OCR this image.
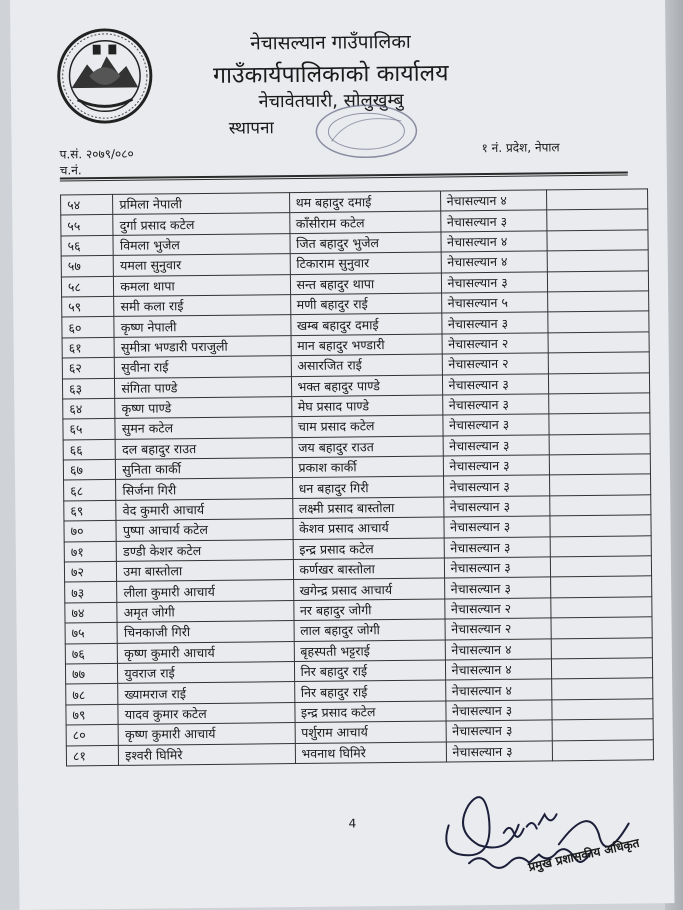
नेचासल्यान गाउँपालिका
गाउँकार्यपालिकाको कार्यालय
नेचावेतघारी, सोलुखुम्बु
स्थापना
प.सं. २०७९/०८०
च.नं.
१ नं. प्रदेश, नेपाल
५४	प्रमिला नेपाली	थम बहादुर दमाई	नेचासल्यान ४	
५५	दुर्गा प्रसाद कटेल	काँसीराम कटेल	नेचासल्यान ३	
५६	विमला भुजेल	जित बहादुर भुजेल	नेचासल्यान ४	
५७	यमला सुनुवार	टिकाराम सुनुवार	नेचासल्यान ४	
५८	कमला थापा	सन्त बहादुर थापा	नेचासल्यान ३	
५९	समी कला राई	मणी बहादुर राई	नेचासल्यान ५	
६०	कृष्ण नेपाली	खम्ब बहादुर दमाई	नेचासल्यान ३	
६१	सुमीत्रा भण्डारी पराजुली	मान बहादुर भण्डारी	नेचासल्यान २	
६२	सुवीना राई	असारजित राई	नेचासल्यान २	
६३	संगिता पाण्डे	भक्त बहादुर पाण्डे	नेचासल्यान ३	
६४	कृष्ण पाण्डे	मेघ प्रसाद पाण्डे	नेचासल्यान ३	
६५	सुमन कटेल	चाम प्रसाद कटेल	नेचासल्यान ३	
६६	दल बहादुर राउत	जय बहादुर राउत	नेचासल्यान ३	
६७	सुनिता कार्की	प्रकाश कार्की	नेचासल्यान ३	
६८	सिर्जना गिरी	धन बहादुर गिरी	नेचासल्यान ३	
६९	वेद कुमारी आचार्य	लक्ष्मी प्रसाद बास्तोला	नेचासल्यान ३	
७०	पुष्पा आचार्य कटेल	केशव प्रसाद आचार्य	नेचासल्यान ३	
७१	डण्डी केशर कटेल	इन्द्र प्रसाद कटेल	नेचासल्यान ३	
७२	उमा बास्तोला	कर्णखर बास्तोला	नेचासल्यान ३	
७३	लीला कुमारी आचार्य	खगेन्द्र प्रसाद आचार्य	नेचासल्यान ३	
७४	अमृत जोगी	नर बहादुर जोगी	नेचासल्यान २	
७५	चिनकाजी गिरी	लाल बहादुर जोगी	नेचासल्यान २	
७६	कृष्ण कुमारी आचार्य	बृहस्पती भट्टराई	नेचासल्यान ४	
७७	युवराज राई	निर बहादुर राई	नेचासल्यान ४	
७८	ख्यामराज राई	निर बहादुर राई	नेचासल्यान ४	
७९	यादव कुमार कटेल	इन्द्र प्रसाद कटेल	नेचासल्यान ३	
८०	कृष्ण कुमारी आचार्य	पर्शुराम आचार्य	नेचासल्यान ३	
८१	इश्वरी घिमिरे	भवनाथ घिमिरे	नेचासल्यान ३	
4
प्रमुख प्रशासकीय अधिकृत
